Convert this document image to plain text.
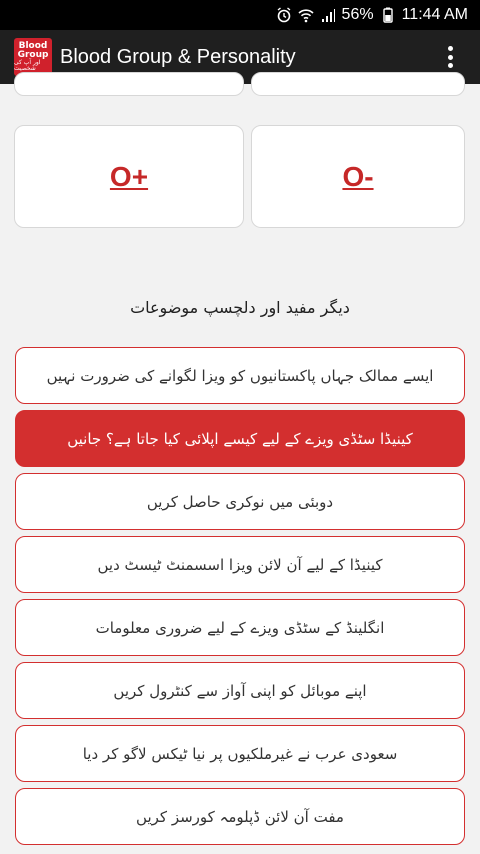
56% 11:44 AM
Blood
Group
اور آپ کی شخصیت
Blood Group & Personality
O+	O-
دیگر مفید اور دلچسپ موضوعات
ایسے ممالک جہاں پاکستانیوں کو ویزا لگوانے کی ضرورت نہیں
کینیڈا سٹڈی ویزے کے لیے کیسے اپلائی کیا جاتا ہے؟ جانیں
دوبئی میں نوکری حاصل کریں
کینیڈا کے لیے آن لائن ویزا اسسمنٹ ٹیسٹ دیں
انگلینڈ کے سٹڈی ویزے کے لیے ضروری معلومات
اپنے موبائل کو اپنی آواز سے کنٹرول کریں
سعودی عرب نے غیرملکیوں پر نیا ٹیکس لاگو کر دیا
مفت آن لائن ڈپلومہ کورسز کریں
